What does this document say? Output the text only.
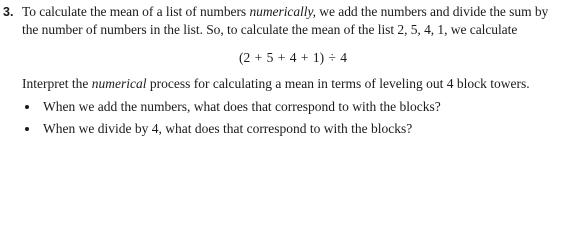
3. To calculate the mean of a list of numbers numerically, we add the numbers and divide the sum by the number of numbers in the list. So, to calculate the mean of the list 2, 5, 4, 1, we calculate

(2 + 5 + 4 + 1) ÷ 4

Interpret the numerical process for calculating a mean in terms of leveling out 4 block towers.

When we add the numbers, what does that correspond to with the blocks?
When we divide by 4, what does that correspond to with the blocks?
